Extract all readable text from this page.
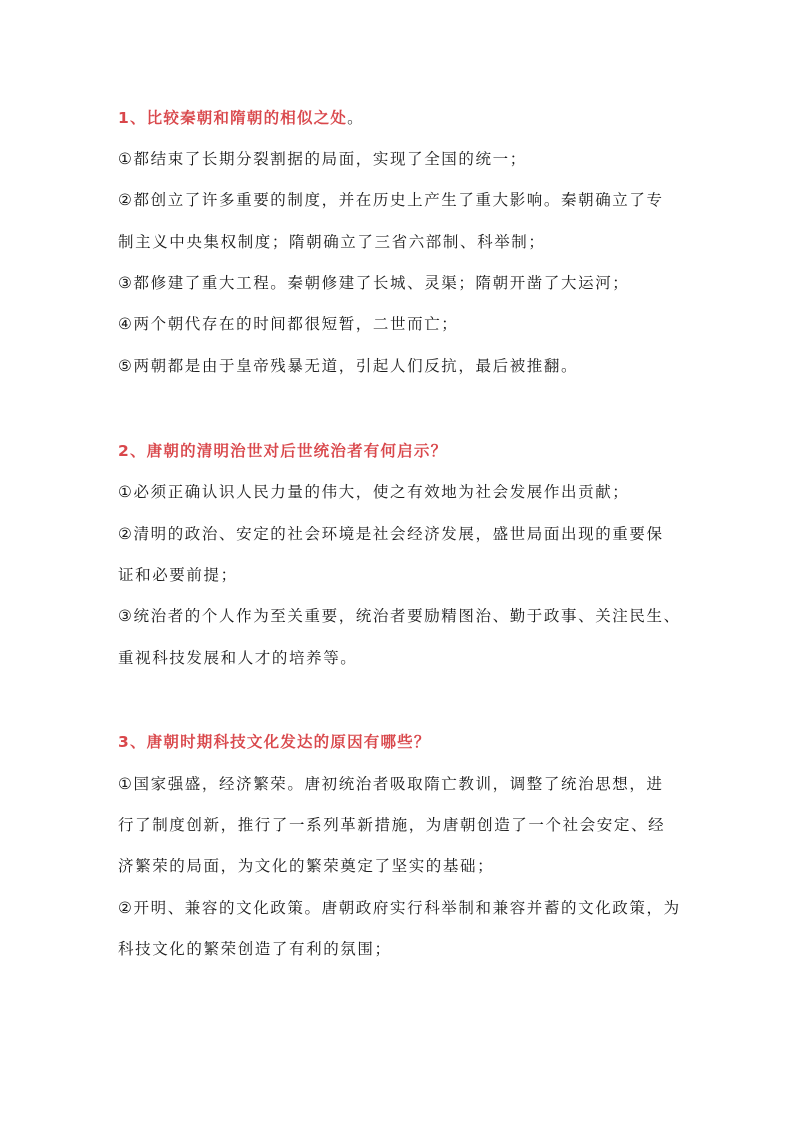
1、比较秦朝和隋朝的相似之处。
①都结束了长期分裂割据的局面，实现了全国的统一；
②都创立了许多重要的制度，并在历史上产生了重大影响。秦朝确立了专
制主义中央集权制度；隋朝确立了三省六部制、科举制；
③都修建了重大工程。秦朝修建了长城、灵渠；隋朝开凿了大运河；
④两个朝代存在的时间都很短暂，二世而亡；
⑤两朝都是由于皇帝残暴无道，引起人们反抗，最后被推翻。
2、唐朝的清明治世对后世统治者有何启示？
①必须正确认识人民力量的伟大，使之有效地为社会发展作出贡献；
②清明的政治、安定的社会环境是社会经济发展，盛世局面出现的重要保
证和必要前提；
③统治者的个人作为至关重要，统治者要励精图治、勤于政事、关注民生、
重视科技发展和人才的培养等。
3、唐朝时期科技文化发达的原因有哪些？
①国家强盛，经济繁荣。唐初统治者吸取隋亡教训，调整了统治思想，进
行了制度创新，推行了一系列革新措施，为唐朝创造了一个社会安定、经
济繁荣的局面，为文化的繁荣奠定了坚实的基础；
②开明、兼容的文化政策。唐朝政府实行科举制和兼容并蓄的文化政策，为
科技文化的繁荣创造了有利的氛围；
